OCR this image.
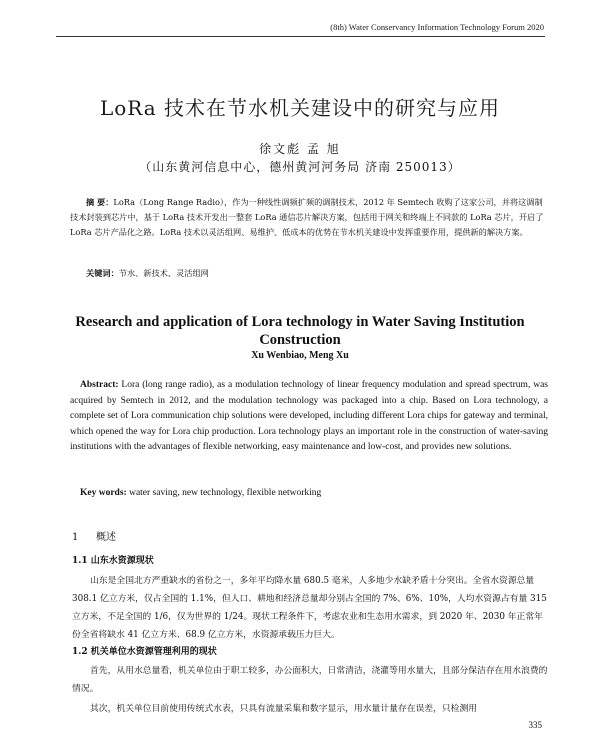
(8th) Water Conservancy Information Technology Forum 2020
LoRa 技术在节水机关建设中的研究与应用
徐文彪 孟 旭
（山东黄河信息中心，德州黄河河务局 济南 250013）
摘 要：LoRa（Long Range Radio），作为一种线性调频扩频的调制技术，2012 年 Semtech 收购了这家公司，并将这调制技术封装到芯片中，基于 LoRa 技术开发出一整套 LoRa 通信芯片解决方案，包括用于网关和终端上不同款的 LoRa 芯片，开启了 LoRa 芯片产品化之路。LoRa 技术以灵活组网、易维护、低成本的优势在节水机关建设中发挥重要作用，提供新的解决方案。
关键词：节水、新技术、灵活组网
Research and application of Lora technology in Water Saving Institution Construction
Xu Wenbiao, Meng Xu
Abstract: Lora (long range radio), as a modulation technology of linear frequency modulation and spread spectrum, was acquired by Semtech in 2012, and the modulation technology was packaged into a chip. Based on Lora technology, a complete set of Lora communication chip solutions were developed, including different Lora chips for gateway and terminal, which opened the way for Lora chip production. Lora technology plays an important role in the construction of water-saving institutions with the advantages of flexible networking, easy maintenance and low-cost, and provides new solutions.
Key words: water saving, new technology, flexible networking
1 概述
1.1 山东水资源现状
山东是全国北方严重缺水的省份之一，多年平均降水量 680.5 毫米，人多地少水缺矛盾十分突出。全省水资源总量 308.1 亿立方米，仅占全国的 1.1%，但人口、耕地和经济总量却分别占全国的 7%、6%、10%，人均水资源占有量 315 立方米，不足全国的 1/6，仅为世界的 1/24。现状工程条件下，考虑农业和生态用水需求，到 2020 年、2030 年正常年份全省将缺水 41 亿立方米、68.9 亿立方米，水资源承载压力巨大。
1.2 机关单位水资源管理利用的现状
首先，从用水总量看，机关单位由于职工较多，办公面积大，日常清洁，浇灌等用水量大，且部分保洁存在用水浪费的情况。
其次，机关单位目前使用传统式水表，只具有流量采集和数字显示，用水量计量存在误差，只检测用
335
